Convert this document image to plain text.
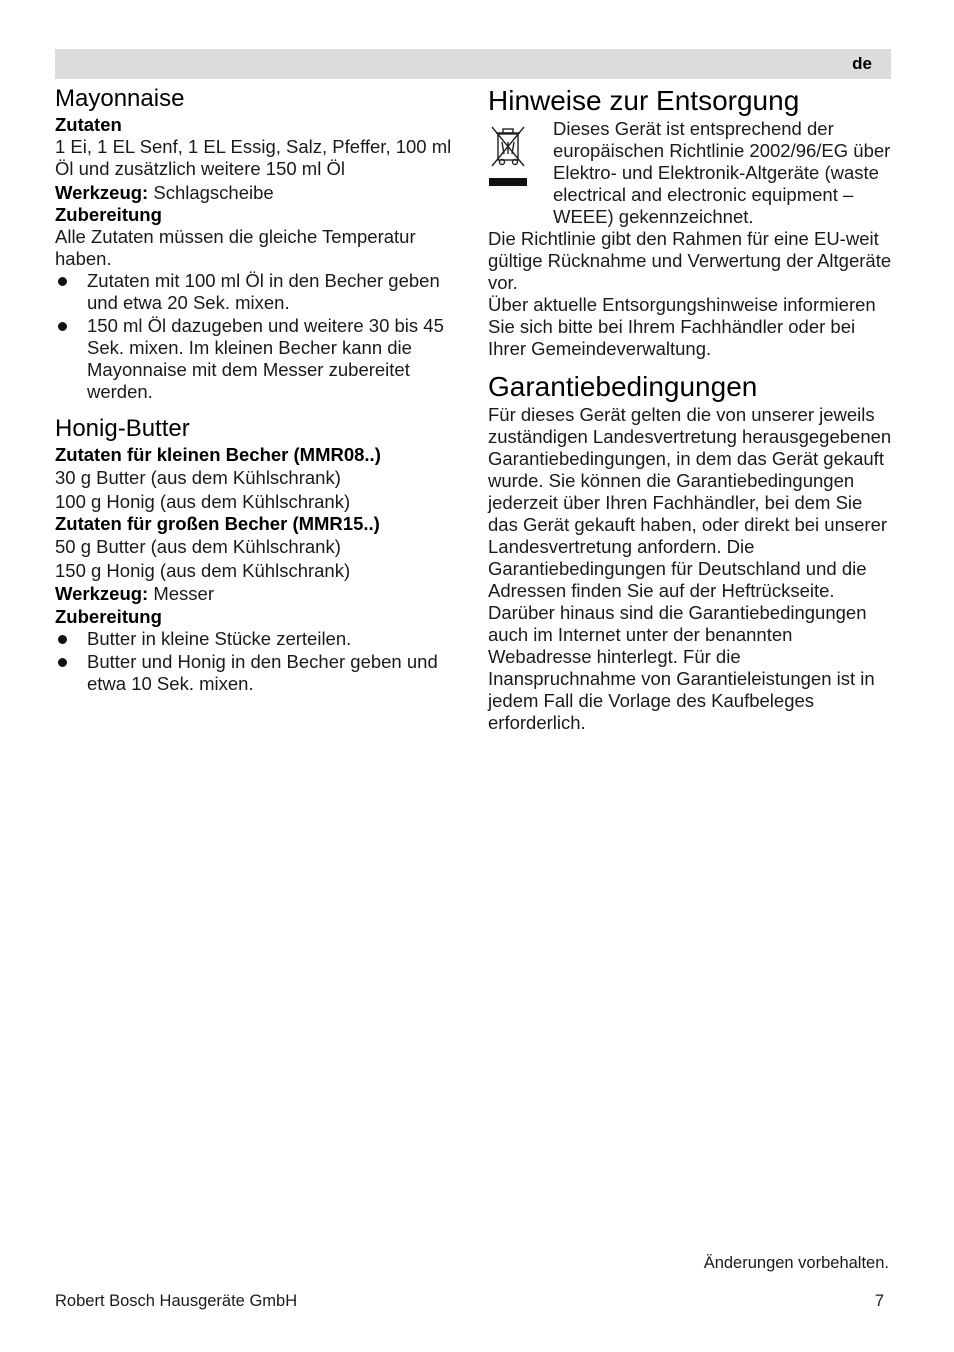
de
Mayonnaise
Zutaten

1 Ei, 1 EL Senf, 1 EL Essig, Salz, Pfeffer, 100 ml Öl und zusätzlich weitere 150 ml Öl

Werkzeug: Schlagscheibe

Zubereitung

Alle Zutaten müssen die gleiche Temperatur haben.

Zutaten mit 100 ml Öl in den Becher geben und etwa 20 Sek. mixen.
150 ml Öl dazugeben und weitere 30 bis 45 Sek. mixen. Im kleinen Becher kann die Mayonnaise mit dem Messer zubereitet werden.
Honig-Butter
Zutaten für kleinen Becher (MMR08..)

30 g Butter (aus dem Kühlschrank)

100 g Honig (aus dem Kühlschrank)

Zutaten für großen Becher (MMR15..)

50 g Butter (aus dem Kühlschrank)

150 g Honig (aus dem Kühlschrank)

Werkzeug: Messer

Zubereitung
Butter in kleine Stücke zerteilen.
Butter und Honig in den Becher geben und etwa 10 Sek. mixen.
Hinweise zur Entsorgung

Dieses Gerät ist entsprechend der europäischen Richtlinie 2002/96/EG über Elektro- und Elektronik-Altgeräte (waste electrical and electronic equipment – WEEE) gekennzeichnet.

Die Richtlinie gibt den Rahmen für eine EU-weit gültige Rücknahme und Verwertung der Altgeräte vor.

Über aktuelle Entsorgungshinweise informieren Sie sich bitte bei Ihrem Fachhändler oder bei Ihrer Gemeindeverwaltung.

Garantiebedingungen

Für dieses Gerät gelten die von unserer jeweils zuständigen Landesvertretung herausgegebenen Garantiebedingungen, in dem das Gerät gekauft wurde. Sie können die Garantiebedingungen jederzeit über Ihren Fachhändler, bei dem Sie das Gerät gekauft haben, oder direkt bei unserer Landesvertretung anfordern. Die Garantiebedingungen für Deutschland und die Adressen finden Sie auf der Heftrückseite.

Darüber hinaus sind die Garantiebedingungen auch im Internet unter der benannten Webadresse hinterlegt. Für die Inanspruchnahme von Garantieleistungen ist in jedem Fall die Vorlage des Kaufbeleges erforderlich.

Änderungen vorbehalten.
Robert Bosch Hausgeräte GmbH	7
